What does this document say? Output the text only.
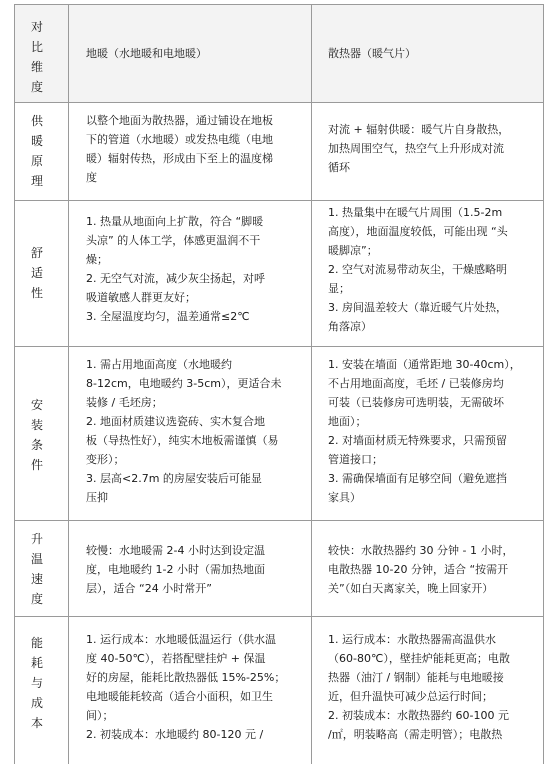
对
比
维
度
地暖（水地暖和电地暖）	散热器（暖气片）
供
暖
原
理
以整个地面为散热器，通过铺设在地板
下的管道（水地暖）或发热电缆（电地
暖）辐射传热，形成由下至上的温度梯
度
对流 + 辐射供暖：暖气片自身散热，
加热周围空气，热空气上升形成对流
循环
舒
适
性
1. 热量从地面向上扩散，符合 “脚暖
头凉” 的人体工学，体感更温润不干
燥；
2. 无空气对流，减少灰尘扬起，对呼
吸道敏感人群更友好；
3. 全屋温度均匀，温差通常≤2℃
1. 热量集中在暖气片周围（1.5-2m
高度），地面温度较低，可能出现 “头
暖脚凉”；
2. 空气对流易带动灰尘，干燥感略明
显；
3. 房间温差较大（靠近暖气片处热，
角落凉）
安
装
条
件
1. 需占用地面高度（水地暖约
8-12cm，电地暖约 3-5cm），更适合未
装修 / 毛坯房；
2. 地面材质建议选瓷砖、实木复合地
板（导热性好），纯实木地板需谨慎（易
变形）；
3. 层高<2.7m 的房屋安装后可能显
压抑
1. 安装在墙面（通常距地 30-40cm），
不占用地面高度，毛坯 / 已装修房均
可装（已装修房可选明装，无需破坏
地面）；
2. 对墙面材质无特殊要求，只需预留
管道接口；
3. 需确保墙面有足够空间（避免遮挡
家具）
升
温
速
度
较慢：水地暖需 2-4 小时达到设定温
度，电地暖约 1-2 小时（需加热地面
层），适合 “24 小时常开”
较快：水散热器约 30 分钟 - 1 小时，
电散热器 10-20 分钟，适合 “按需开
关”（如白天离家关，晚上回家开）
能
耗
与
成
本
1. 运行成本：水地暖低温运行（供水温
度 40-50℃），若搭配壁挂炉 + 保温
好的房屋，能耗比散热器低 15%-25%；
电地暖能耗较高（适合小面积，如卫生
间）；
2. 初装成本：水地暖约 80-120 元 /
1. 运行成本：水散热器需高温供水
（60-80℃），壁挂炉能耗更高；电散
热器（油汀 / 钢制）能耗与电地暖接
近，但升温快可减少总运行时间；
2. 初装成本：水散热器约 60-100 元
/㎡，明装略高（需走明管）；电散热
